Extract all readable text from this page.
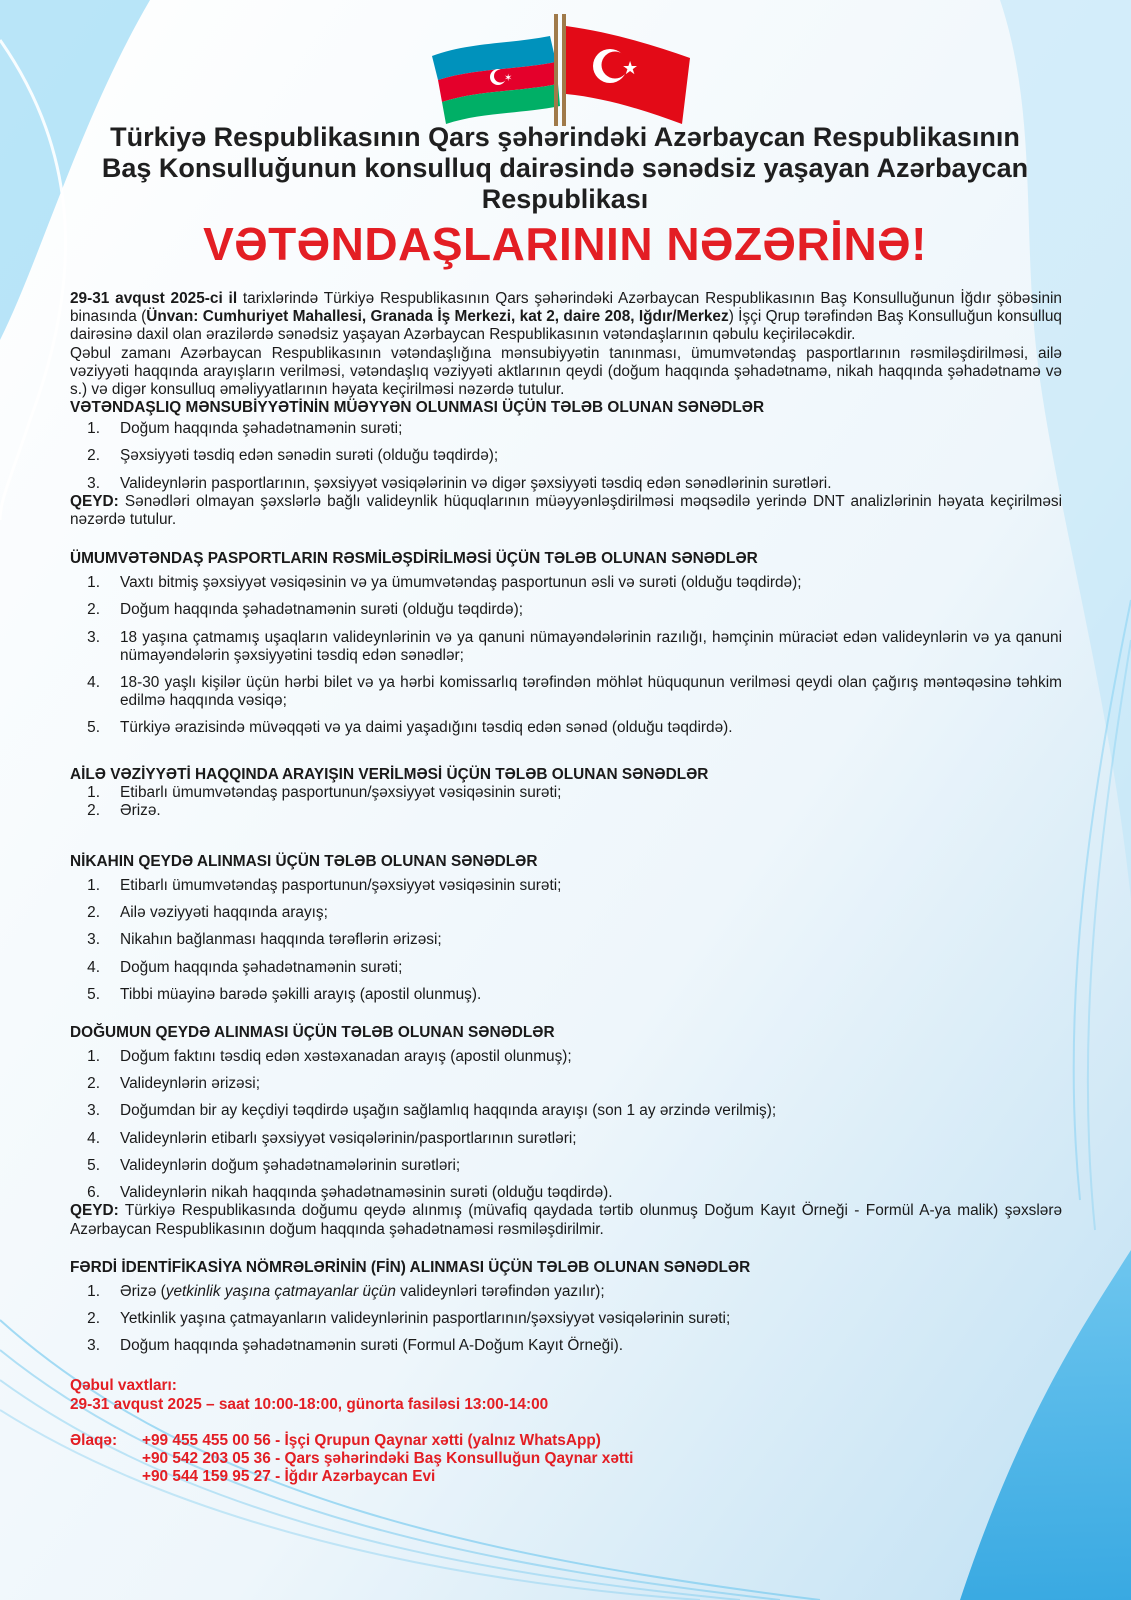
✶	★
Türkiyə Respublikasının Qars şəhərindəki Azərbaycan Respublikasının
Baş Konsulluğunun konsulluq dairəsində sənədsiz yaşayan Azərbaycan
Respublikası
VƏTƏNDAŞLARININ NƏZƏRİNƏ!

29-31 avqust 2025-ci il tarixlərində Türkiyə Respublikasının Qars şəhərindəki Azərbaycan Respublikasının Baş Konsulluğunun İğdır şöbəsinin binasında (Ünvan: Cumhuriyet Mahallesi, Granada İş Merkezi, kat 2, daire 208, Iğdır/Merkez) İşçi Qrup tərəfindən Baş Konsulluğun konsulluq dairəsinə daxil olan ərazilərdə sənədsiz yaşayan Azərbaycan Respublikasının vətəndaşlarının qəbulu keçiriləcəkdir.

Qəbul zamanı Azərbaycan Respublikasının vətəndaşlığına mənsubiyyətin tanınması, ümumvətəndaş pasportlarının rəsmiləşdirilməsi, ailə vəziyyəti haqqında arayışların verilməsi, vətəndaşlıq vəziyyəti aktlarının qeydi (doğum haqqında şəhadətnamə, nikah haqqında şəhadətnamə və s.) və digər konsulluq əməliyyatlarının həyata keçirilməsi nəzərdə tutulur.

VƏTƏNDAŞLIQ MƏNSUBİYYƏTİNİN MÜƏYYƏN OLUNMASI ÜÇÜN TƏLƏB OLUNAN SƏNƏDLƏR
1.	Doğum haqqında şəhadətnamənin surəti;
2.	Şəxsiyyəti təsdiq edən sənədin surəti (olduğu təqdirdə);
3.	Valideynlərin pasportlarının, şəxsiyyət vəsiqələrinin və digər şəxsiyyəti təsdiq edən sənədlərinin surətləri.

QEYD: Sənədləri olmayan şəxslərlə bağlı valideynlik hüquqlarının müəyyənləşdirilməsi məqsədilə yerində DNT analizlərinin həyata keçirilməsi nəzərdə tutulur.

ÜMUMVƏTƏNDAŞ PASPORTLARIN RƏSMİLƏŞDİRİLMƏSİ ÜÇÜN TƏLƏB OLUNAN SƏNƏDLƏR
1.	Vaxtı bitmiş şəxsiyyət vəsiqəsinin və ya ümumvətəndaş pasportunun əsli və surəti (olduğu təqdirdə);
2.	Doğum haqqında şəhadətnamənin surəti (olduğu təqdirdə);
3.	18 yaşına çatmamış uşaqların valideynlərinin və ya qanuni nümayəndələrinin razılığı, həmçinin müraciət edən valideynlərin və ya qanuni nümayəndələrin şəxsiyyətini təsdiq edən sənədlər;
4.	18-30 yaşlı kişilər üçün hərbi bilet və ya hərbi komissarlıq tərəfindən möhlət hüququnun verilməsi qeydi olan çağırış məntəqəsinə təhkim edilmə haqqında vəsiqə;
5.	Türkiyə ərazisində müvəqqəti və ya daimi yaşadığını təsdiq edən sənəd (olduğu təqdirdə).
AİLƏ VƏZİYYƏTİ HAQQINDA ARAYIŞIN VERİLMƏSİ ÜÇÜN TƏLƏB OLUNAN SƏNƏDLƏR
1.	Etibarlı ümumvətəndaş pasportunun/şəxsiyyət vəsiqəsinin surəti;
2.	Ərizə.
NİKAHIN QEYDƏ ALINMASI ÜÇÜN TƏLƏB OLUNAN SƏNƏDLƏR
1.	Etibarlı ümumvətəndaş pasportunun/şəxsiyyət vəsiqəsinin surəti;
2.	Ailə vəziyyəti haqqında arayış;
3.	Nikahın bağlanması haqqında tərəflərin ərizəsi;
4.	Doğum haqqında şəhadətnamənin surəti;
5.	Tibbi müayinə barədə şəkilli arayış (apostil olunmuş).
DOĞUMUN QEYDƏ ALINMASI ÜÇÜN TƏLƏB OLUNAN SƏNƏDLƏR
1.	Doğum faktını təsdiq edən xəstəxanadan arayış (apostil olunmuş);
2.	Valideynlərin ərizəsi;
3.	Doğumdan bir ay keçdiyi təqdirdə uşağın sağlamlıq haqqında arayışı (son 1 ay ərzində verilmiş);
4.	Valideynlərin etibarlı şəxsiyyət vəsiqələrinin/pasportlarının surətləri;
5.	Valideynlərin doğum şəhadətnamələrinin surətləri;
6.	Valideynlərin nikah haqqında şəhadətnaməsinin surəti (olduğu təqdirdə).

QEYD: Türkiyə Respublikasında doğumu qeydə alınmış (müvafiq qaydada tərtib olunmuş Doğum Kayıt Örneği - Formül A-ya malik) şəxslərə Azərbaycan Respublikasının doğum haqqında şəhadətnaməsi rəsmiləşdirilmir.

FƏRDİ İDENTİFİKASİYA NÖMRƏLƏRİNİN (FİN) ALINMASI ÜÇÜN TƏLƏB OLUNAN SƏNƏDLƏR
1.	Ərizə (yetkinlik yaşına çatmayanlar üçün valideynləri tərəfindən yazılır);
2.	Yetkinlik yaşına çatmayanların valideynlərinin pasportlarının/şəxsiyyət vəsiqələrinin surəti;
3.	Doğum haqqında şəhadətnamənin surəti (Formul A-Doğum Kayıt Örneği).
Qəbul vaxtları:
29-31 avqust 2025 – saat 10:00-18:00, günorta fasiləsi 13:00-14:00
Əlaqə:	+99 455 455 00 56 - İşçi Qrupun Qaynar xətti (yalnız WhatsApp)
+90 542 203 05 36 - Qars şəhərindəki Baş Konsulluğun Qaynar xətti
+90 544 159 95 27 - İğdır Azərbaycan Evi
